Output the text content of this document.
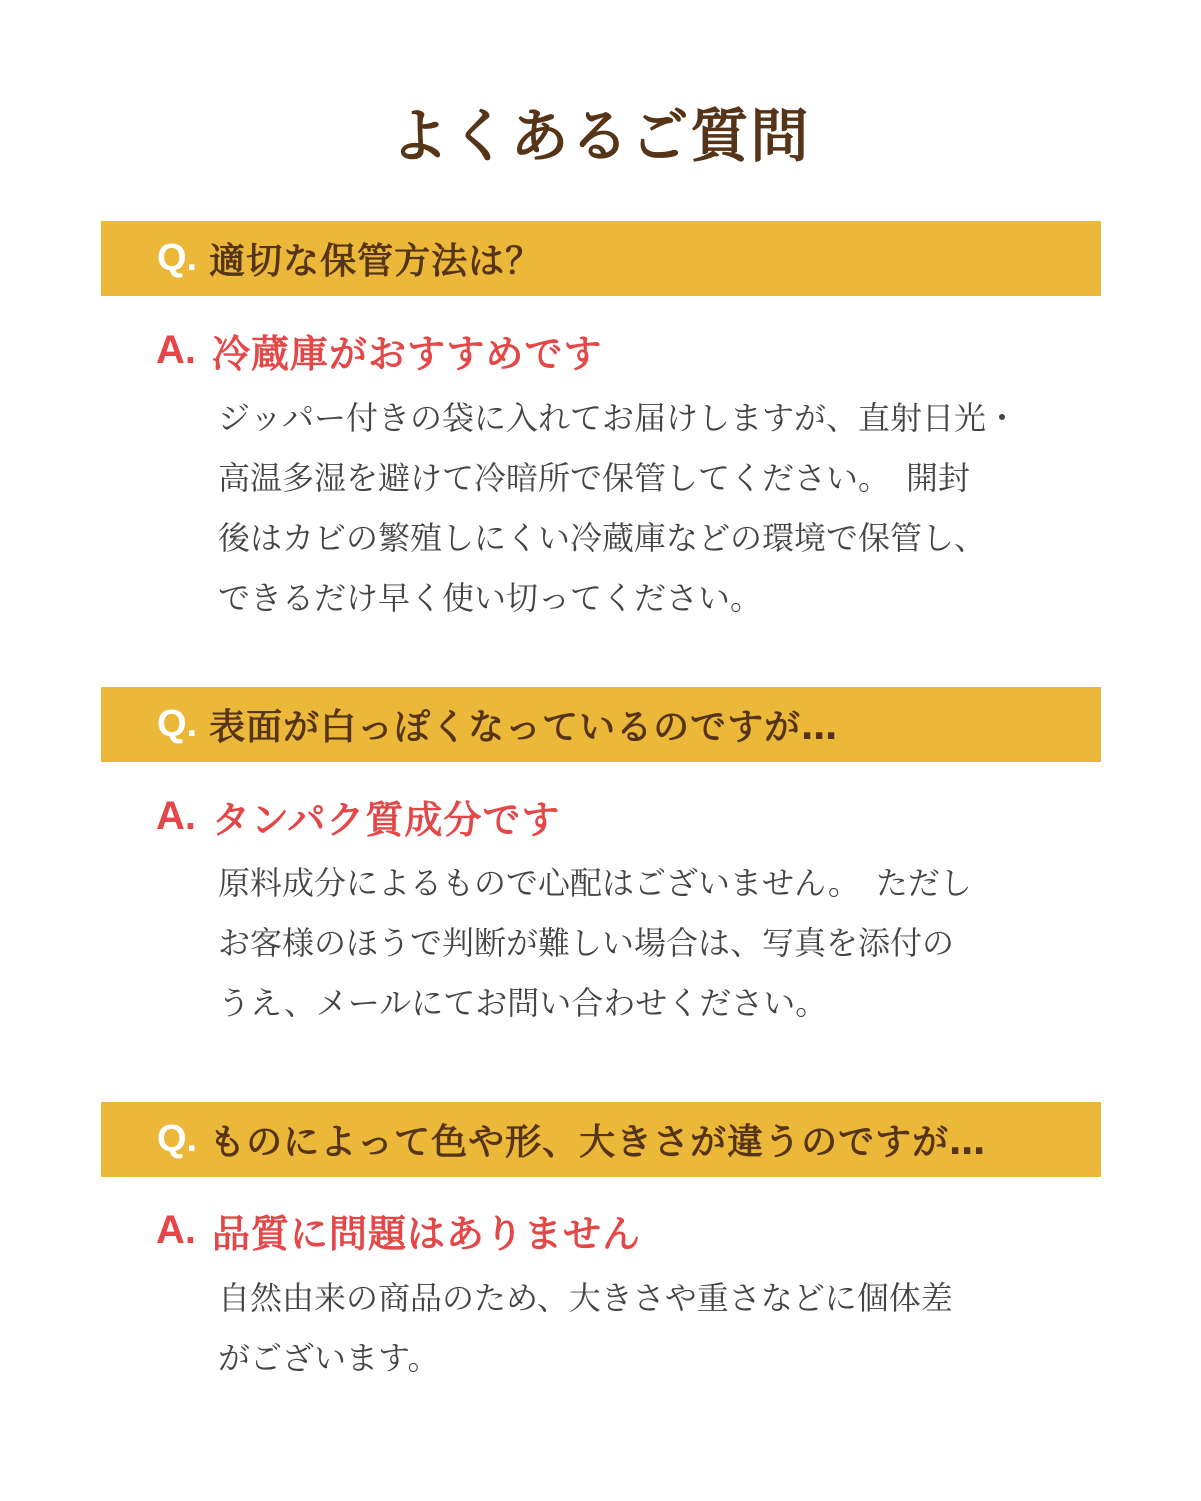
よくあるご質問
Q. 適切な保管方法は？
A. 冷蔵庫がおすすめです
ジッパー付きの袋に入れてお届けしますが、直射日光・
高温多湿を避けて冷暗所で保管してください。　開封
後はカビの繁殖しにくい冷蔵庫などの環境で保管し、
できるだけ早く使い切ってください。
Q. 表面が白っぽくなっているのですが…
A. タンパク質成分です
原料成分によるもので心配はございません。　ただし
お客様のほうで判断が難しい場合は、写真を添付の
うえ、メールにてお問い合わせください。
Q. ものによって色や形、大きさが違うのですが…
A. 品質に問題はありません
自然由来の商品のため、大きさや重さなどに個体差
がございます。
